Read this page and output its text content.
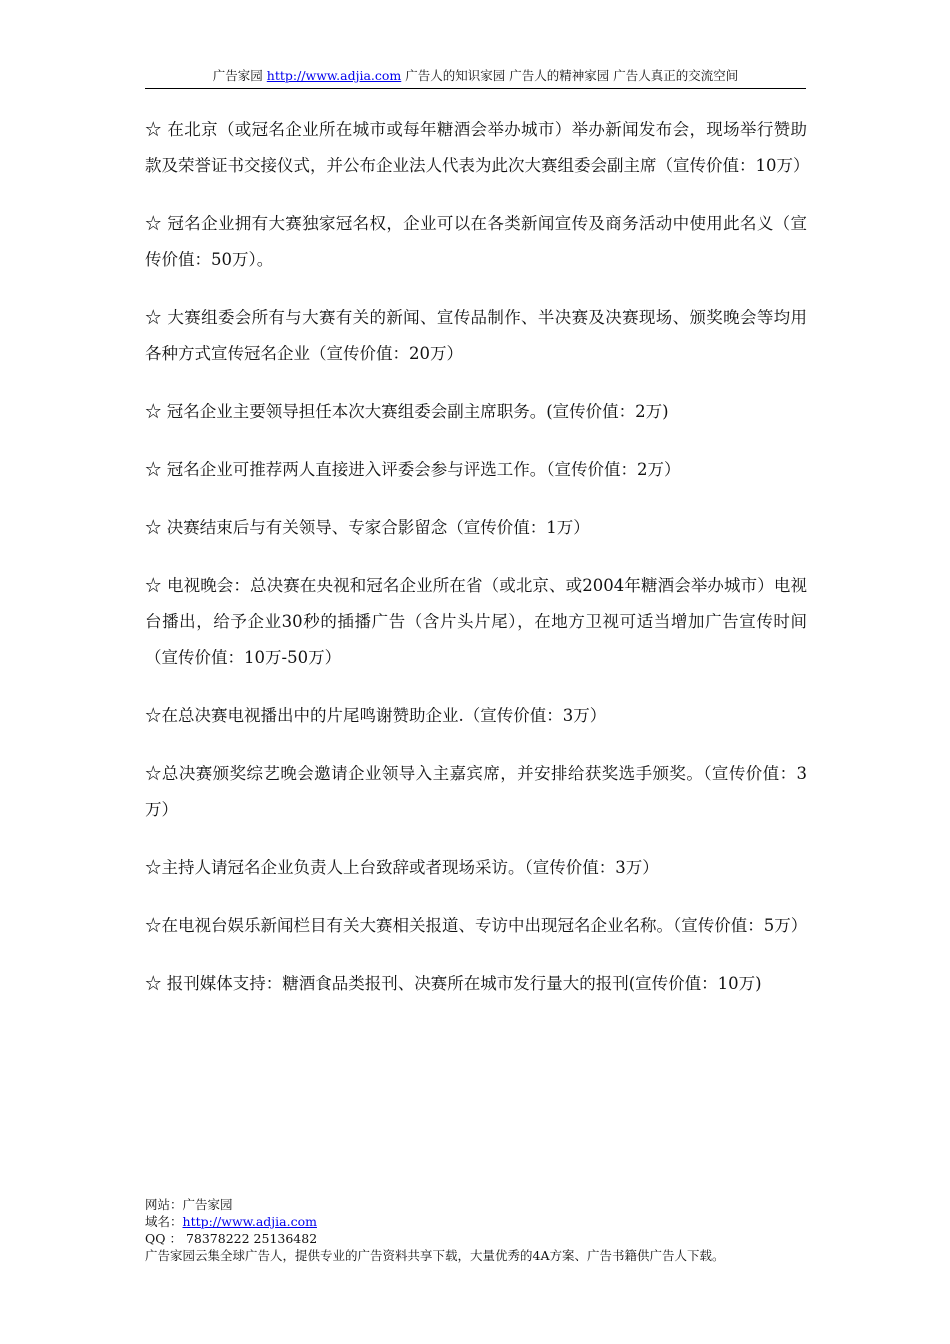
广告家园 http://www.adjia.com 广告人的知识家园 广告人的精神家园 广告人真正的交流空间

☆ 在北京（或冠名企业所在城市或每年糖酒会举办城市）举办新闻发布会，现场举行赞助款及荣誉证书交接仪式，并公布企业法人代表为此次大赛组委会副主席（宣传价值：10万）

☆ 冠名企业拥有大赛独家冠名权，企业可以在各类新闻宣传及商务活动中使用此名义（宣传价值：50万）。

☆ 大赛组委会所有与大赛有关的新闻、宣传品制作、半决赛及决赛现场、颁奖晚会等均用各种方式宣传冠名企业（宣传价值：20万）

☆ 冠名企业主要领导担任本次大赛组委会副主席职务。(宣传价值：2万)

☆ 冠名企业可推荐两人直接进入评委会参与评选工作。（宣传价值：2万）

☆ 决赛结束后与有关领导、专家合影留念（宣传价值：1万）

☆ 电视晚会：总决赛在央视和冠名企业所在省（或北京、或2004年糖酒会举办城市）电视台播出，给予企业30秒的插播广告（含片头片尾），在地方卫视可适当增加广告宣传时间（宣传价值：10万-50万）

☆在总决赛电视播出中的片尾鸣谢赞助企业.（宣传价值：3万）

☆总决赛颁奖综艺晚会邀请企业领导入主嘉宾席，并安排给获奖选手颁奖。（宣传价值：3万）

☆主持人请冠名企业负责人上台致辞或者现场采访。（宣传价值：3万）

☆在电视台娱乐新闻栏目有关大赛相关报道、专访中出现冠名企业名称。（宣传价值：5万）

☆ 报刊媒体支持：糖酒食品类报刊、决赛所在城市发行量大的报刊(宣传价值：10万)

网站：广告家园
域名：http://www.adjia.com
QQ ： 78378222 25136482
广告家园云集全球广告人，提供专业的广告资料共享下载，大量优秀的4A方案、广告书籍供广告人下载。
